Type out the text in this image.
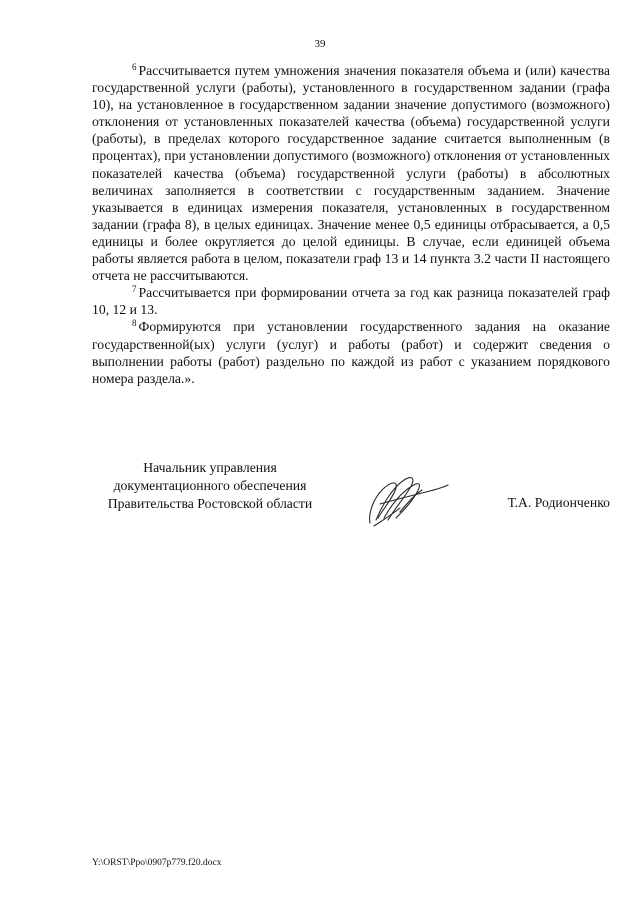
39

$^6$ Рассчитывается путем умножения значения показателя объема и (или) качества государственной услуги (работы), установленного в государственном задании (графа 10), на установленное в государственном задании значение допустимого (возможного) отклонения от установленных показателей качества (объема) государственной услуги (работы), в пределах которого государственное задание считается выполненным (в процентах), при установлении допустимого (возможного) отклонения от установленных показателей качества (объема) государственной услуги (работы) в абсолютных величинах заполняется в соответствии с государственным заданием. Значение указывается в единицах измерения показателя, установленных в государственном задании (графа 8), в целых единицах. Значение менее 0,5 единицы отбрасывается, а 0,5 единицы и более округляется до целой единицы. В случае, если единицей объема работы является работа в целом, показатели граф 13 и 14 пункта 3.2 части II настоящего отчета не рассчитываются.

$^7$ Рассчитывается при формировании отчета за год как разница показателей граф 10, 12 и 13.

$^8$ Формируются при установлении государственного задания на оказание государственной(ых) услуги (услуг) и работы (работ) и содержит сведения о выполнении работы (работ) раздельно по каждой из работ с указанием порядкового номера раздела.».

Начальник управления
документационного обеспечения
Правительства Ростовской области	Т.А. Родионченко
Y:\ORST\Ppo\0907p779.f20.docx
